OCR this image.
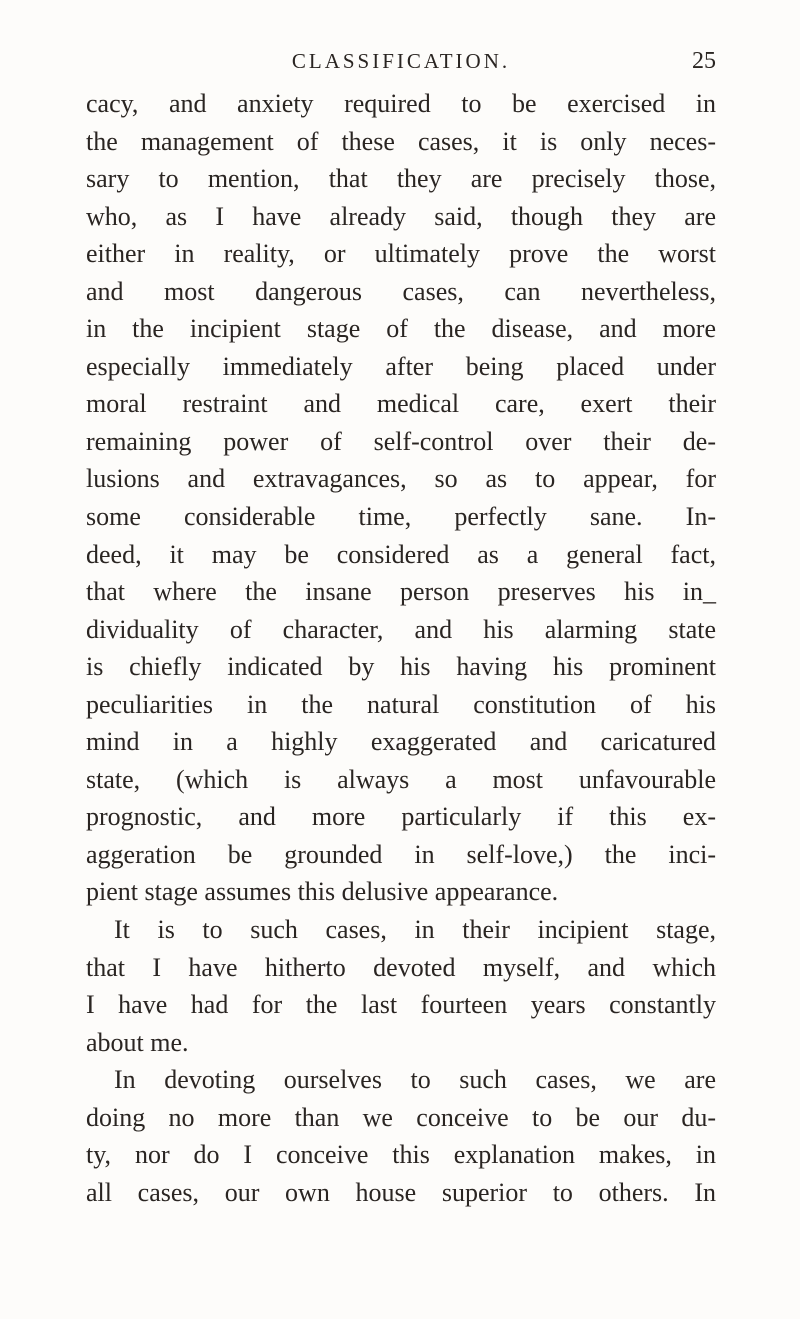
CLASSIFICATION.	25
cacy, and anxiety required to be exercised in
the management of these cases, it is only neces-
sary to mention, that they are precisely those,
who, as I have already said, though they are
either in reality, or ultimately prove the worst
and most dangerous cases, can nevertheless,
in the incipient stage of the disease, and more
especially immediately after being placed under
moral restraint and medical care, exert their
remaining power of self-control over their de-
lusions and extravagances, so as to appear, for
some considerable time, perfectly sane. In-
deed, it may be considered as a general fact,
that where the insane person preserves his in_
dividuality of character, and his alarming state
is chiefly indicated by his having his prominent
peculiarities in the natural constitution of his
mind in a highly exaggerated and caricatured
state, (which is always a most unfavourable
prognostic, and more particularly if this ex-
aggeration be grounded in self-love,) the inci-
pient stage assumes this delusive appearance.
It is to such cases, in their incipient stage,
that I have hitherto devoted myself, and which
I have had for the last fourteen years constantly
about me.
In devoting ourselves to such cases, we are
doing no more than we conceive to be our du-
ty, nor do I conceive this explanation makes, in
all cases, our own house superior to others. In
